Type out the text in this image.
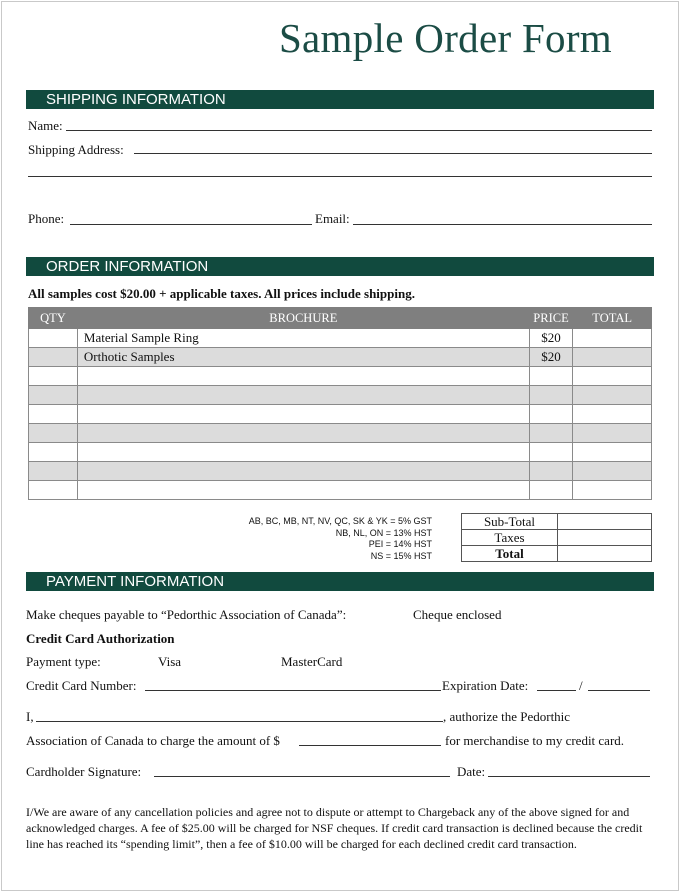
Sample Order Form
SHIPPING INFORMATION
Name:
Shipping Address:
Phone:	Email:
ORDER INFORMATION
All samples cost $20.00 + applicable taxes. All prices include shipping.
QTY	BROCHURE	PRICE	TOTAL
	Material Sample Ring	$20	
	Orthotic Samples	$20	

AB, BC, MB, NT, NV, QC, SK & YK = 5% GST
NB, NL, ON = 13% HST
PEI = 14% HST
NS = 15% HST
Sub-Total	
Taxes	
Total	
PAYMENT INFORMATION
Make cheques payable to “Pedorthic Association of Canada”:	Cheque enclosed
Credit Card Authorization
Payment type:	Visa	MasterCard
Credit Card Number:	Expiration Date:	/
I,	, authorize the Pedorthic
Association of Canada to charge the amount of $	for merchandise to my credit card.
Cardholder Signature:	Date:
I/We are aware of any cancellation policies and agree not to dispute or attempt to Chargeback any of the above signed for and acknowledged charges. A fee of $25.00 will be charged for NSF cheques. If credit card transaction is declined because the credit line has reached its “spending limit”, then a fee of $10.00 will be charged for each declined credit card transaction.
